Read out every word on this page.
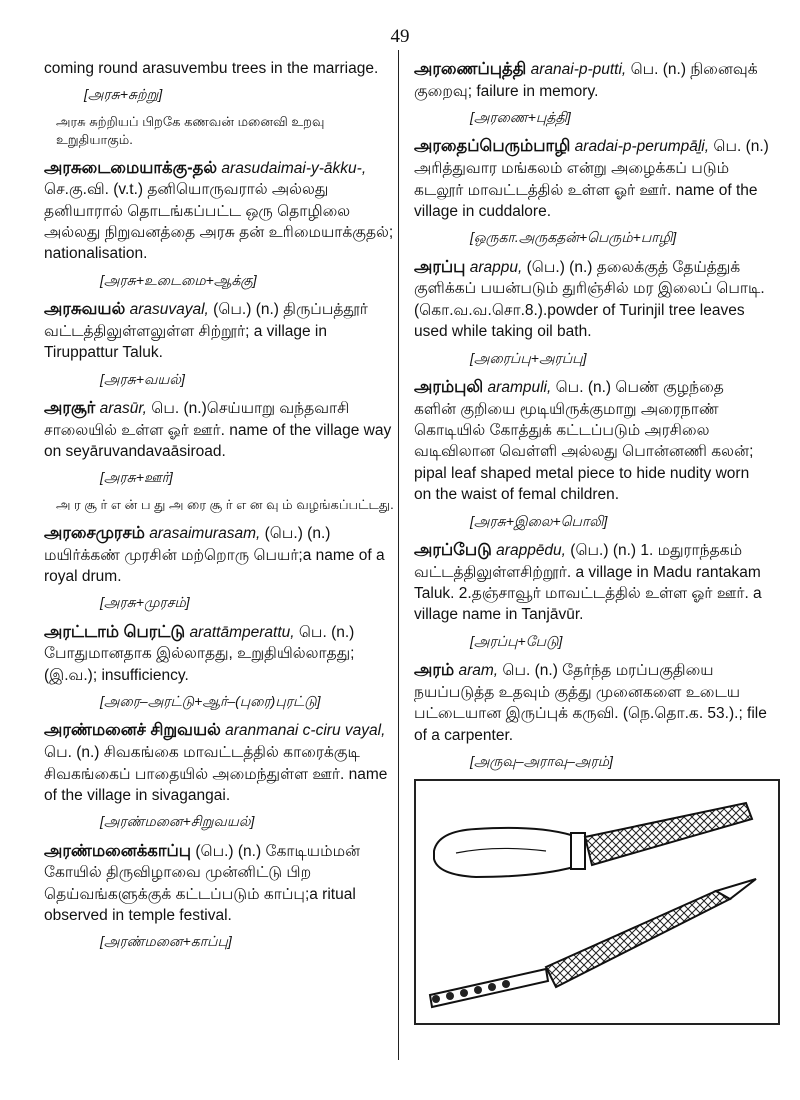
49
coming round arasuvembu trees in the marriage.
[அரசு+சுற்று]
அரசு சுற்றியப் பிறகே கணவன் மனைவி உறவு உறுதியாகும்.
அரசுடைமையாக்கு-தல் arasudaimai-y-ākku-, செ.கு.வி. (v.t.) தனியொருவரால் அல்லது தனியாரால் தொடங்கப்பட்ட ஒரு தொழிலை அல்லது நிறுவனத்தை அரசு தன் உரிமையாக்குதல்; nationalisation.
[அரசு+உடைமை+ஆக்கு]
அரசுவயல் arasuvayal, (பெ.) (n.) திருப்பத்தூர் வட்டத்திலுள்ளலுள்ள சிற்றூர்; a village in Tiruppattur Taluk.
[அரசு+வயல்]
அரசூர் arasūr, பெ. (n.)செய்யாறு வந்தவாசி சாலையில் உள்ள ஓர் ஊர். name of the village way on seyāruvandavaāsiroad.
[அரசு+ஊர்]
அ ர சூ ர் எ ன் ப து அ ரை சூ ர் எ ன வு ம் வழங்கப்பட்டது.
அரசைமுரசம் arasaimurasam, (பெ.) (n.) மயிர்க்கண் முரசின் மற்றொரு பெயர்;a name of a royal drum.
[அரசு+முரசம்]
அரட்டாம் பெரட்டு arattāmperattu, பெ. (n.) போதுமானதாக இல்லாதது, உறுதியில்லாதது; (இ.வ.); insufficiency.
[அரை–அரட்டு+ஆர்–(புரை)புரட்டு]
அரண்மனைச் சிறுவயல் aranmanai c-ciru vayal, பெ. (n.) சிவகங்கை மாவட்டத்தில் காரைக்குடி சிவகங்கைப் பாதையில் அமைந்துள்ள ஊர். name of the village in sivagangai.
[அரண்மனை+சிறுவயல்]
அரண்மனைக்காப்பு (பெ.) (n.) கோடியம்மன் கோயில் திருவிழாவை முன்னிட்டு பிற தெய்வங்களுக்குக் கட்டப்படும் காப்பு;a ritual observed in temple festival.
[அரண்மனை+காப்பு]
அரணைப்புத்தி aranai-p-putti, பெ. (n.) நினைவுக் குறைவு; failure in memory.
[அரணை+புத்தி]
அரதைப்பெரும்பாழி aradai-p-perumpāḻi, பெ. (n.) அரித்துவார மங்கலம் என்று அழைக்கப் படும் கடலூர் மாவட்டத்தில் உள்ள ஓர் ஊர். name of the village in cuddalore.
[ஒருகா.அருகதன்+பெரும்+பாழி]
அரப்பு arappu, (பெ.) (n.) தலைக்குத் தேய்த்துக் குளிக்கப் பயன்படும் துரிஞ்சில் மர இலைப் பொடி. (கொ.வ.வ.சொ.8.).powder of Turinjil tree leaves used while taking oil bath.
[அரைப்பு+அரப்பு]
அரம்புலி arampuli, பெ. (n.) பெண் குழந்தை களின் குறியை மூடியிருக்குமாறு அரைநாண் கொடியில் கோத்துக் கட்டப்படும் அரசிலை வடிவிலான வெள்ளி அல்லது பொன்னணி கலன்; pipal leaf shaped metal piece to hide nudity worn on the waist of femal children.
[அரசு+இலை+பொலி]
அரப்பேடு arappēdu, (பெ.) (n.) 1. மதுராந்தகம் வட்டத்திலுள்ளசிற்றூர். a village in Madu rantakam Taluk. 2.தஞ்சாவூர் மாவட்டத்தில் உள்ள ஓர் ஊர். a village name in Tanjāvūr.
[அரப்பு+பேடு]
அரம் aram, பெ. (n.) தேர்ந்த மரப்பகுதியை நயப்படுத்த உதவும் குத்து முனைகளை உடைய பட்டையான இருப்புக் கருவி. (நெ.தொ.க. 53.).; file of a carpenter.
[அருவு–அராவு–அரம்]
